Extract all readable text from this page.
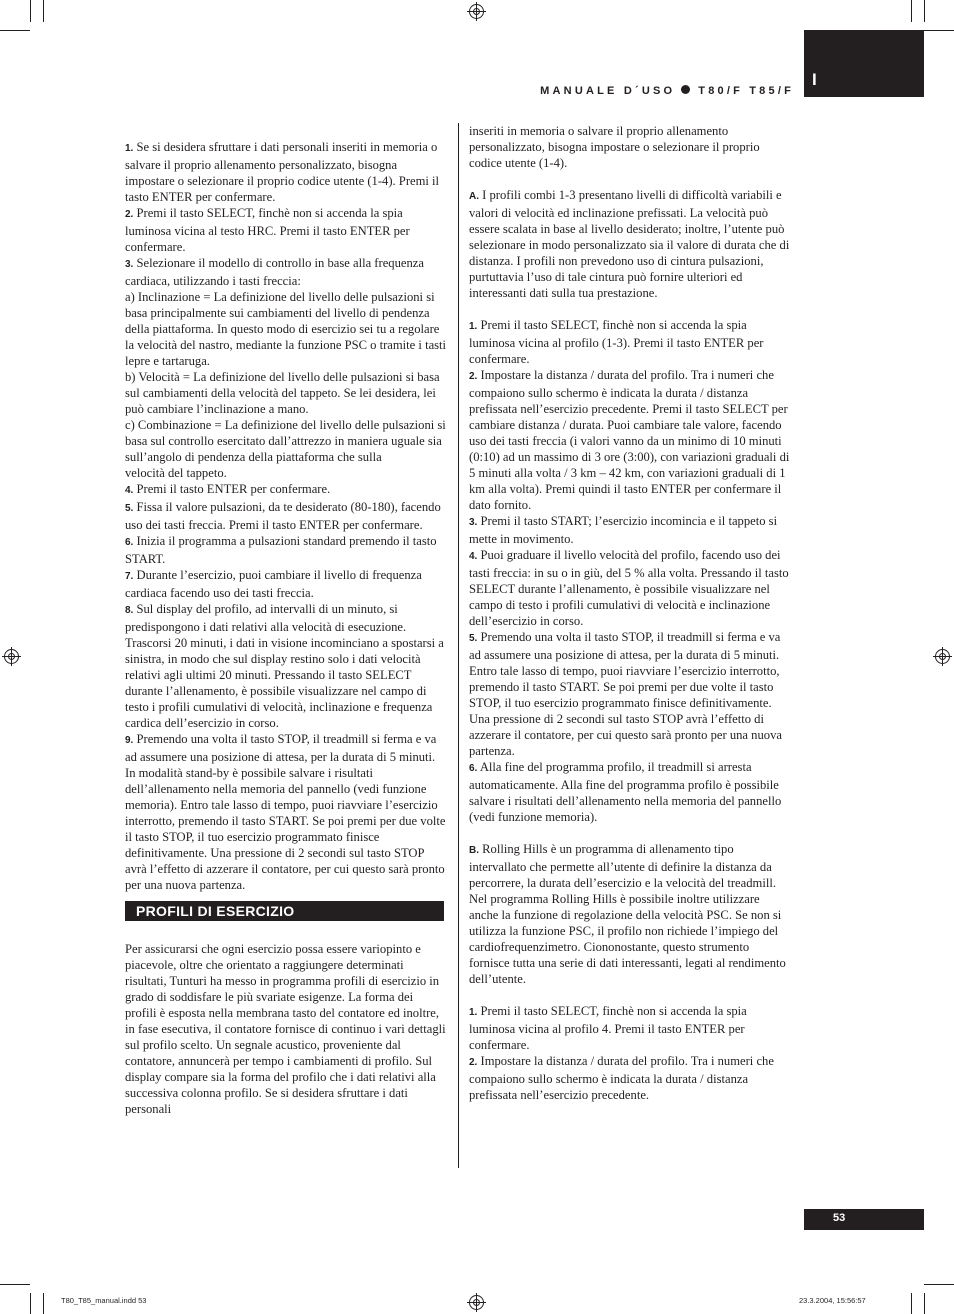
MANUALE D´USO T80/F T85/F
I

1. Se si desidera sfruttare i dati personali inseriti in memoria o salvare il proprio allenamento personalizzato, bisogna impostare o selezionare il proprio codice utente (1-4). Premi il tasto ENTER per confermare.

2. Premi il tasto SELECT, finchè non si accenda la spia luminosa vicina al testo HRC. Premi il tasto ENTER per confermare.

3. Selezionare il modello di controllo in base alla frequenza cardiaca, utilizzando i tasti freccia:

a) Inclinazione = La definizione del livello delle pulsazioni si basa principalmente sui cambiamenti del livello di pendenza della piattaforma. In questo modo di esercizio sei tu a regolare la velocità del nastro, mediante la funzione PSC o tramite i tasti lepre e tartaruga.

b) Velocità = La definizione del livello delle pulsazioni si basa sul cambiamenti della velocità del tappeto. Se lei desidera, lei può cambiare l’inclinazione a mano.

c) Combinazione = La definizione del livello delle pulsazioni si basa sul controllo esercitato dall’attrezzo in maniera uguale sia sull’angolo di pendenza della piattaforma che sulla

velocità del tappeto.

4. Premi il tasto ENTER per confermare.

5. Fissa il valore pulsazioni, da te desiderato (80-180), facendo uso dei tasti freccia. Premi il tasto ENTER per confermare.

6. Inizia il programma a pulsazioni standard premendo il tasto START.

7. Durante l’esercizio, puoi cambiare il livello di frequenza cardiaca facendo uso dei tasti freccia.

8. Sul display del profilo, ad intervalli di un minuto, si predispongono i dati relativi alla velocità di esecuzione. Trascorsi 20 minuti, i dati in visione incominciano a spostarsi a sinistra, in modo che sul display restino solo i dati velocità relativi agli ultimi 20 minuti. Pressando il tasto SELECT durante l’allenamento, è possibile visualizzare nel campo di testo i profili cumulativi di velocità, inclinazione e frequenza cardica dell’esercizio in corso.

9. Premendo una volta il tasto STOP, il treadmill si ferma e va ad assumere una posizione di attesa, per la durata di 5 minuti. In modalità stand-by è possibile salvare i risultati dell’allenamento nella memoria del pannello (vedi funzione memoria). Entro tale lasso di tempo, puoi riavviare l’esercizio interrotto, premendo il tasto START. Se poi premi per due volte il tasto STOP, il tuo esercizio programmato finisce definitivamente. Una pressione di 2 secondi sul tasto STOP avrà l’effetto di azzerare il contatore, per cui questo sarà pronto per una nuova partenza.

PROFILI DI ESERCIZIO

Per assicurarsi che ogni esercizio possa essere variopinto e piacevole, oltre che orientato a raggiungere determinati risultati, Tunturi ha messo in programma profili di esercizio in grado di soddisfare le più svariate esigenze. La forma dei profili è esposta nella membrana tasto del contatore ed inoltre, in fase esecutiva, il contatore fornisce di continuo i vari dettagli sul profilo scelto. Un segnale acustico, proveniente dal contatore, annuncerà per tempo i cambiamenti di profilo. Sul display compare sia la forma del profilo che i dati relativi alla successiva colonna profilo. Se si desidera sfruttare i dati personali

inseriti in memoria o salvare il proprio allenamento personalizzato, bisogna impostare o selezionare il proprio codice utente (1-4).

A. I profili combi 1-3 presentano livelli di difficoltà variabili e valori di velocità ed inclinazione prefissati. La velocità può essere scalata in base al livello desiderato; inoltre, l’utente può selezionare in modo personalizzato sia il valore di durata che di distanza. I profili non prevedono uso di cintura pulsazioni, purtuttavia l’uso di tale cintura può fornire ulteriori ed interessanti dati sulla tua prestazione.

1. Premi il tasto SELECT, finchè non si accenda la spia luminosa vicina al profilo (1-3). Premi il tasto ENTER per confermare.

2. Impostare la distanza / durata del profilo. Tra i numeri che compaiono sullo schermo è indicata la durata / distanza prefissata nell’esercizio precedente. Premi il tasto SELECT per cambiare distanza / durata. Puoi cambiare tale valore, facendo uso dei tasti freccia (i valori vanno da un minimo di 10 minuti (0:10) ad un massimo di 3 ore (3:00), con variazioni graduali di 5 minuti alla volta / 3 km – 42 km, con variazioni graduali di 1 km alla volta). Premi quindi il tasto ENTER per confermare il dato fornito.

3. Premi il tasto START; l’esercizio incomincia e il tappeto si mette in movimento.

4. Puoi graduare il livello velocità del profilo, facendo uso dei tasti freccia: in su o in giù, del 5 % alla volta. Pressando il tasto SELECT durante l’allenamento, è possibile visualizzare nel campo di testo i profili cumulativi di velocità e inclinazione dell’esercizio in corso.

5. Premendo una volta il tasto STOP, il treadmill si ferma e va ad assumere una posizione di attesa, per la durata di 5 minuti. Entro tale lasso di tempo, puoi riavviare l’esercizio interrotto, premendo il tasto START. Se poi premi per due volte il tasto STOP, il tuo esercizio programmato finisce definitivamente. Una pressione di 2 secondi sul tasto STOP avrà l’effetto di azzerare il contatore, per cui questo sarà pronto per una nuova partenza.

6. Alla fine del programma profilo, il treadmill si arresta automaticamente. Alla fine del programma profilo è possibile salvare i risultati dell’allenamento nella memoria del pannello (vedi funzione memoria).

B. Rolling Hills è un programma di allenamento tipo intervallato che permette all’utente di definire la distanza da percorrere, la durata dell’esercizio e la velocità del treadmill. Nel programma Rolling Hills è possibile inoltre utilizzare anche la funzione di regolazione della velocità PSC. Se non si utilizza la funzione PSC, il profilo non richiede l’impiego del cardiofrequenzimetro. Ciononostante, questo strumento fornisce tutta una serie di dati interessanti, legati al rendimento dell’utente.

1. Premi il tasto SELECT, finchè non si accenda la spia luminosa vicina al profilo 4. Premi il tasto ENTER per confermare.

2. Impostare la distanza / durata del profilo. Tra i numeri che compaiono sullo schermo è indicata la durata / distanza prefissata nell’esercizio precedente.

53
T80_T85_manual.indd 53	23.3.2004, 15:56:57
